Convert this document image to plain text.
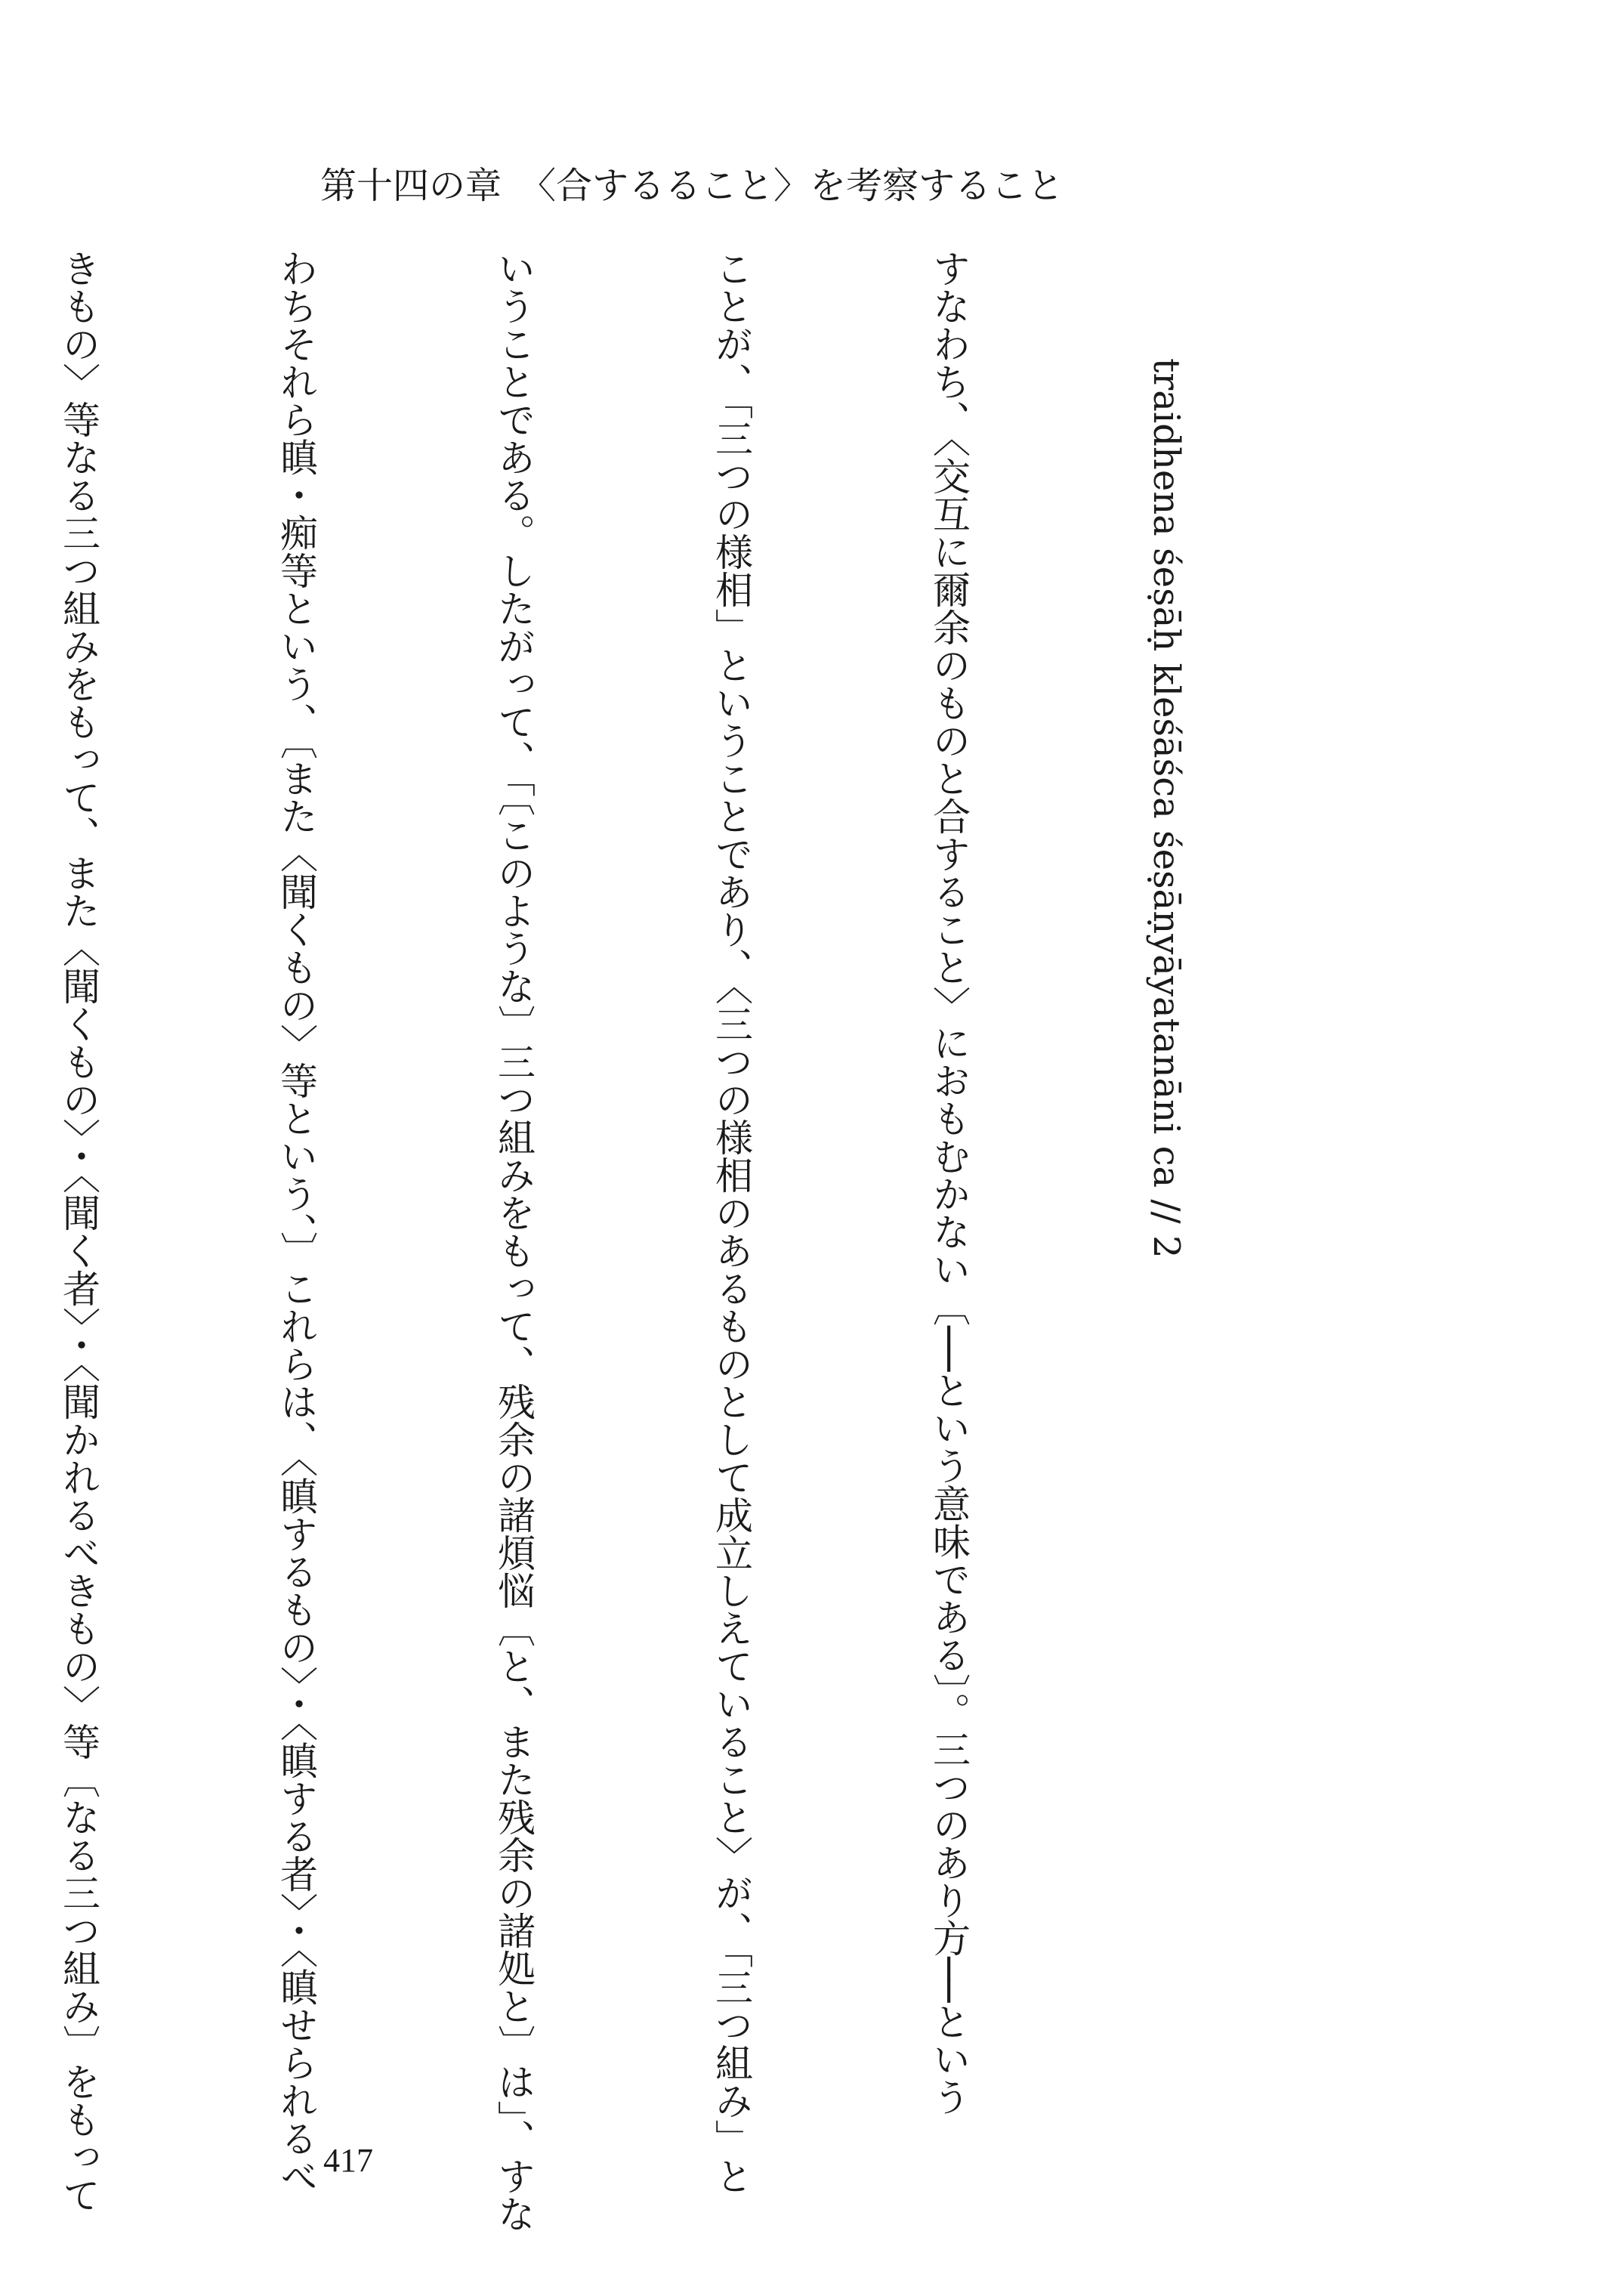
第十四の章　〈合するること〉を考察すること

　　　traidhena śeṣāḥ kleśāśca śeṣāṇyāyatanāni ca // 2

すなわち、〈交互に爾余のものと合すること〉におもむかない〔──という意味である〕。三つのあり方──という

ことが、「三つの様相」ということであり、〈三つの様相のあるものとして成立しえていること〉が、「三つ組み」と

いうことである。したがって、「〔このような〕三つ組みをもって、残余の諸煩悩〔と、また残余の諸処と〕は」、すな

わちそれら瞋・痴等という、〔また〈聞くもの〉等という、〕これらは、〈瞋するもの〉・〈瞋する者〉・〈瞋せられるべ

きもの〉等なる三つ組みをもって、また〈聞くもの〉・〈聞く者〉・〈聞かれるべきもの〉等〔なる三つ組み〕をもって

	417
